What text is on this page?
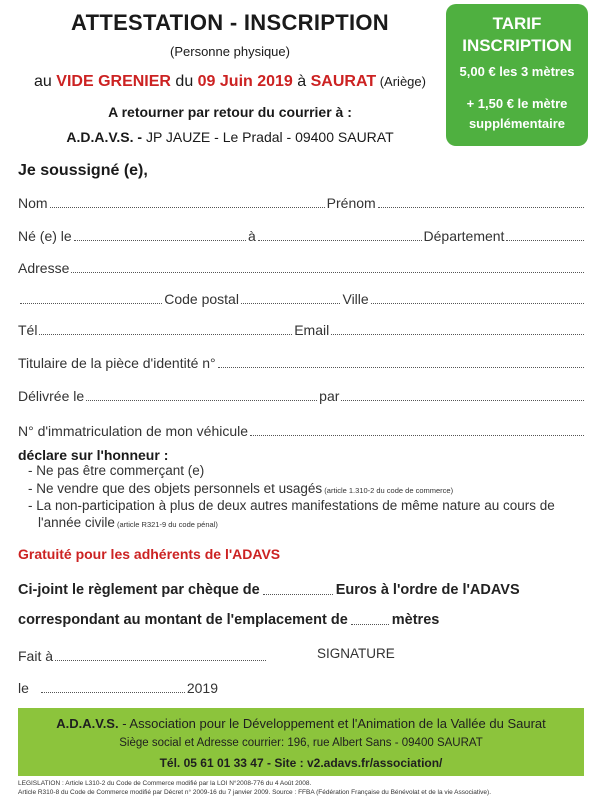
ATTESTATION - INSCRIPTION
(Personne physique)
au VIDE GRENIER du 09 Juin 2019 à SAURAT (Ariège)
A retourner par retour du courrier à :
A.D.A.V.S. - JP JAUZE - Le Pradal - 09400 SAURAT
TARIF
INSCRIPTION
5,00 € les 3 mètres
+ 1,50 € le mètre
supplémentaire
Je soussigné (e),
Nom	Prénom
Né (e) le	à	Département
Adresse
Code postal	Ville
Tél	Email
Titulaire de la pièce d'identité n°
Délivrée le	par
N° d'immatriculation de mon véhicule
déclare sur l'honneur :
- Ne pas être commerçant (e)
- Ne vendre que des objets personnels et usagés (article 1.310-2 du code de commerce)
- La non-participation à plus de deux autres manifestations de même nature au cours de
l'année civile (article R321-9 du code pénal)
Gratuité pour les adhérents de l'ADAVS
Ci-joint le règlement par chèque de	Euros à l'ordre de l'ADAVS
correspondant au montant de l'emplacement de	mètres
Fait à	SIGNATURE
le	2019
A.D.A.V.S. - Association pour le Développement et l'Animation de la Vallée du Saurat
Siège social et Adresse courrier: 196, rue Albert Sans - 09400 SAURAT
Tél. 05 61 01 33 47 - Site : v2.adavs.fr/association/
LEGISLATION : Article L310-2 du Code de Commerce modifié par la LOI N°2008-776 du 4 Août 2008.
Article R310-8 du Code de Commerce modifié par Décret n° 2009-16 du 7 janvier 2009. Source : FFBA (Fédération Française du Bénévolat et de la vie Associative).
